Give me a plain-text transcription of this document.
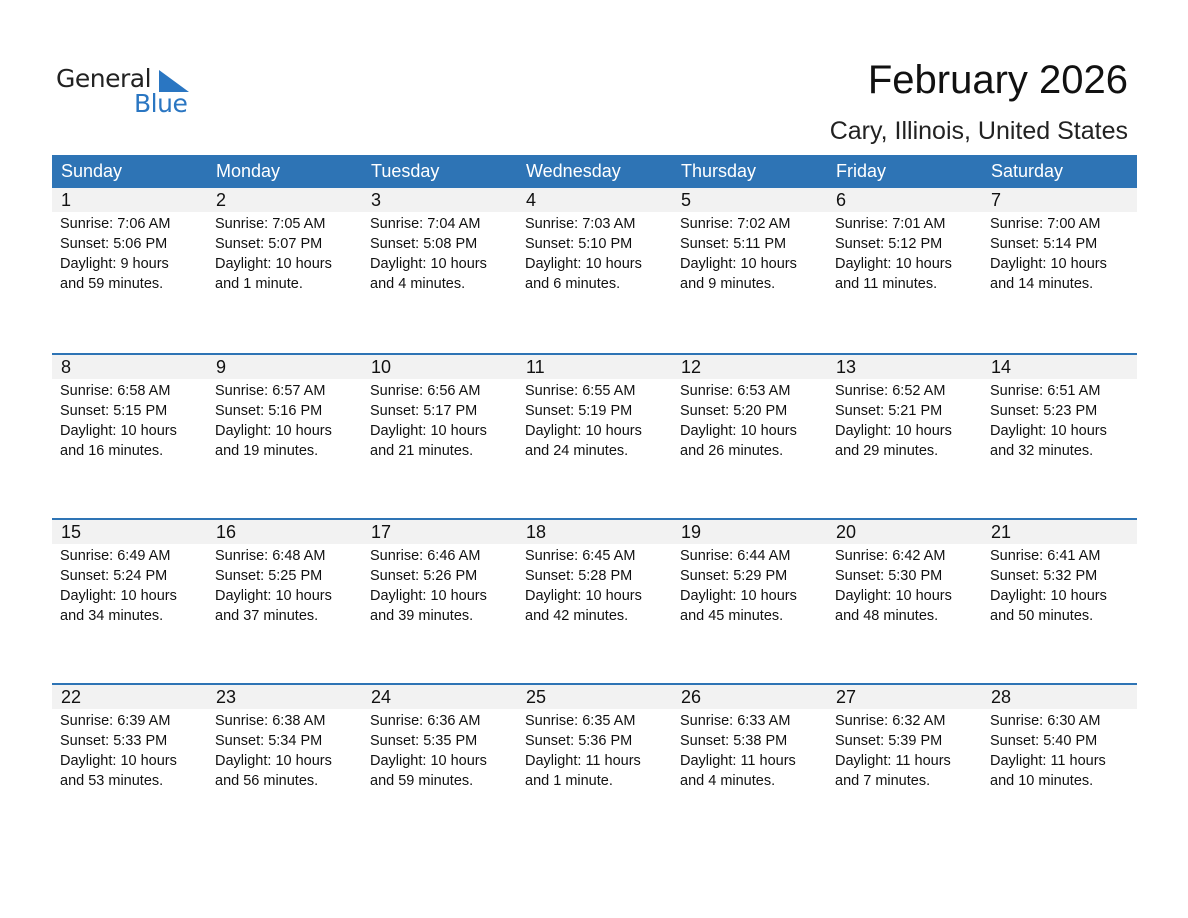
General
Blue
February 2026
Cary, Illinois, United States
Sunday	Monday	Tuesday	Wednesday	Thursday	Friday	Saturday
1	2	3	4	5	6	7
Sunrise: 7:06 AM
Sunset: 5:06 PM
Daylight: 9 hours
and 59 minutes.
Sunrise: 7:05 AM
Sunset: 5:07 PM
Daylight: 10 hours
and 1 minute.
Sunrise: 7:04 AM
Sunset: 5:08 PM
Daylight: 10 hours
and 4 minutes.
Sunrise: 7:03 AM
Sunset: 5:10 PM
Daylight: 10 hours
and 6 minutes.
Sunrise: 7:02 AM
Sunset: 5:11 PM
Daylight: 10 hours
and 9 minutes.
Sunrise: 7:01 AM
Sunset: 5:12 PM
Daylight: 10 hours
and 11 minutes.
Sunrise: 7:00 AM
Sunset: 5:14 PM
Daylight: 10 hours
and 14 minutes.
8	9	10	11	12	13	14
Sunrise: 6:58 AM
Sunset: 5:15 PM
Daylight: 10 hours
and 16 minutes.
Sunrise: 6:57 AM
Sunset: 5:16 PM
Daylight: 10 hours
and 19 minutes.
Sunrise: 6:56 AM
Sunset: 5:17 PM
Daylight: 10 hours
and 21 minutes.
Sunrise: 6:55 AM
Sunset: 5:19 PM
Daylight: 10 hours
and 24 minutes.
Sunrise: 6:53 AM
Sunset: 5:20 PM
Daylight: 10 hours
and 26 minutes.
Sunrise: 6:52 AM
Sunset: 5:21 PM
Daylight: 10 hours
and 29 minutes.
Sunrise: 6:51 AM
Sunset: 5:23 PM
Daylight: 10 hours
and 32 minutes.
15	16	17	18	19	20	21
Sunrise: 6:49 AM
Sunset: 5:24 PM
Daylight: 10 hours
and 34 minutes.
Sunrise: 6:48 AM
Sunset: 5:25 PM
Daylight: 10 hours
and 37 minutes.
Sunrise: 6:46 AM
Sunset: 5:26 PM
Daylight: 10 hours
and 39 minutes.
Sunrise: 6:45 AM
Sunset: 5:28 PM
Daylight: 10 hours
and 42 minutes.
Sunrise: 6:44 AM
Sunset: 5:29 PM
Daylight: 10 hours
and 45 minutes.
Sunrise: 6:42 AM
Sunset: 5:30 PM
Daylight: 10 hours
and 48 minutes.
Sunrise: 6:41 AM
Sunset: 5:32 PM
Daylight: 10 hours
and 50 minutes.
22	23	24	25	26	27	28
Sunrise: 6:39 AM
Sunset: 5:33 PM
Daylight: 10 hours
and 53 minutes.
Sunrise: 6:38 AM
Sunset: 5:34 PM
Daylight: 10 hours
and 56 minutes.
Sunrise: 6:36 AM
Sunset: 5:35 PM
Daylight: 10 hours
and 59 minutes.
Sunrise: 6:35 AM
Sunset: 5:36 PM
Daylight: 11 hours
and 1 minute.
Sunrise: 6:33 AM
Sunset: 5:38 PM
Daylight: 11 hours
and 4 minutes.
Sunrise: 6:32 AM
Sunset: 5:39 PM
Daylight: 11 hours
and 7 minutes.
Sunrise: 6:30 AM
Sunset: 5:40 PM
Daylight: 11 hours
and 10 minutes.
